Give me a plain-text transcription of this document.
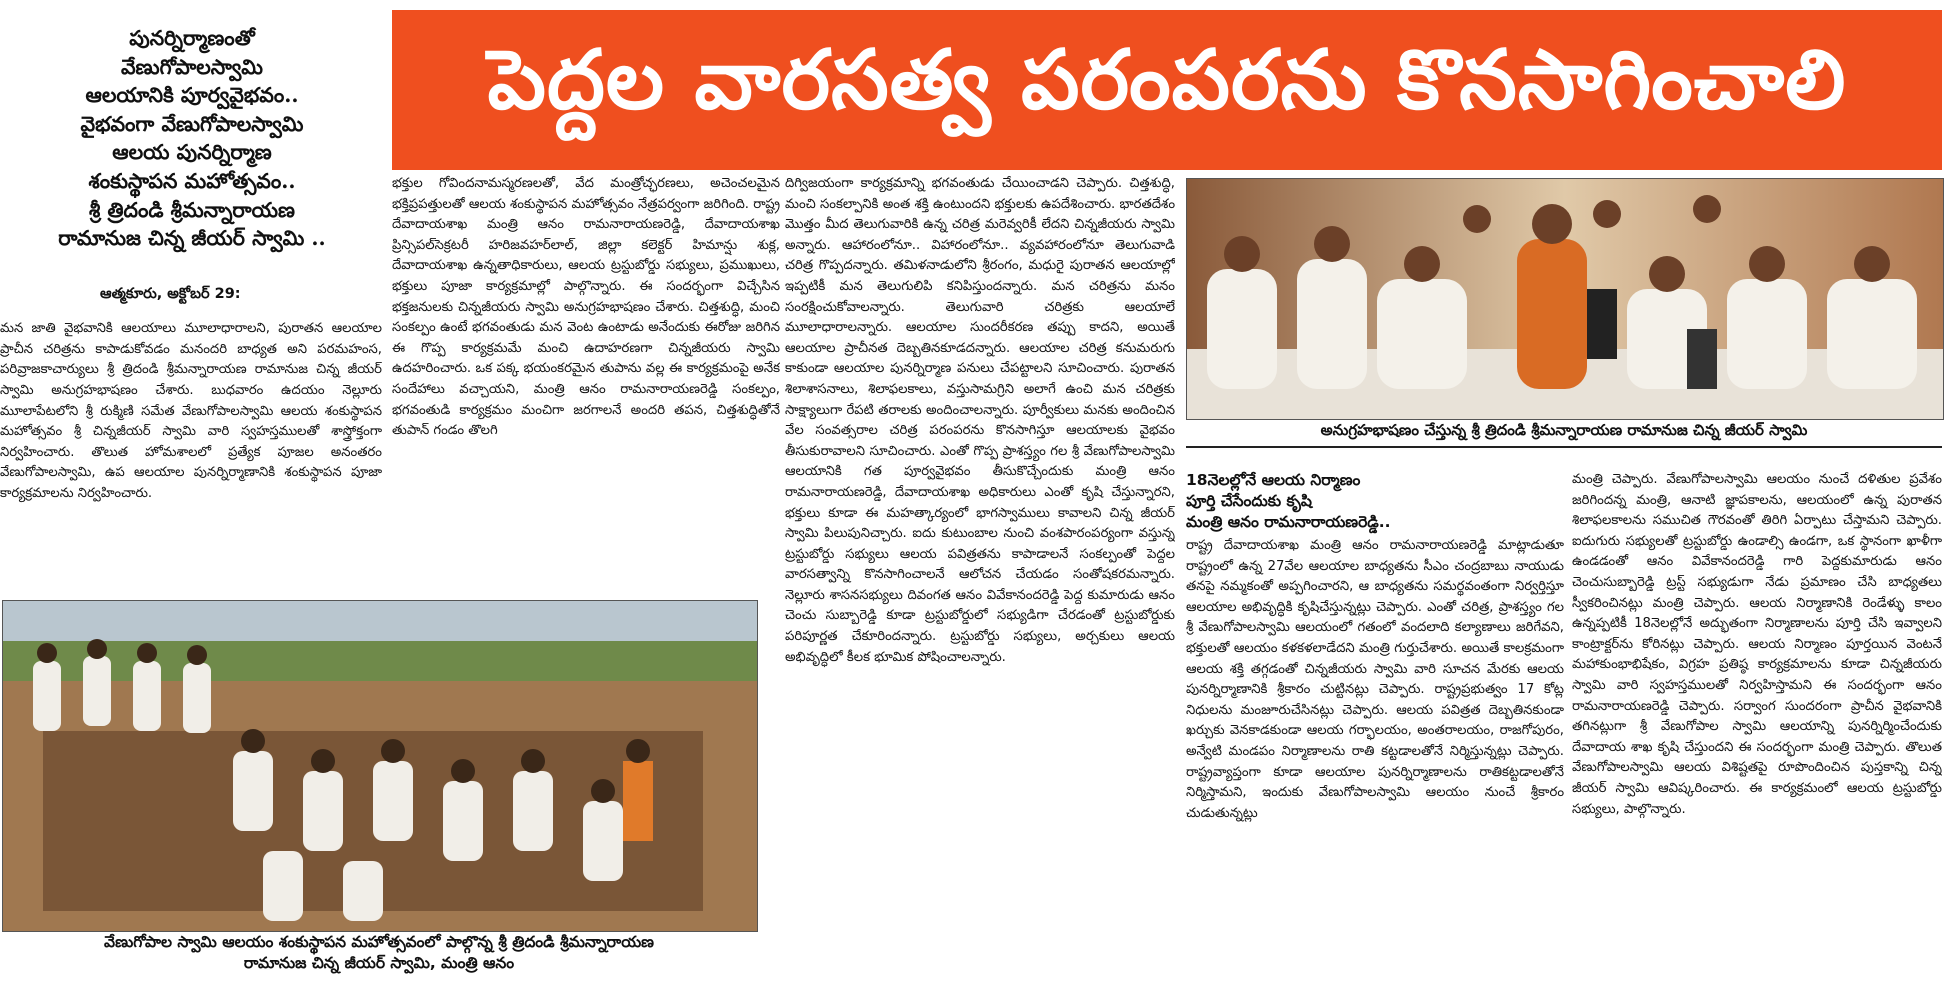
పునర్నిర్మాణంతో
వేణుగోపాలస్వామి
ఆలయానికి పూర్వవైభవం..
వైభవంగా వేణుగోపాలస్వామి
ఆలయ పునర్నిర్మాణ
శంకుస్థాపన మహోత్సవం..
శ్రీ త్రిదండి శ్రీమన్నారాయణ
రామానుజ చిన్న జీయర్ స్వామి ..
ఆత్మకూరు, అక్టోబర్ 29:

మన జాతి వైభవానికి ఆలయాలు మూలాధారాలని, పురాతన ఆలయాల ప్రాచీన చరిత్రను కాపాడుకోవడం మనందరి బాధ్యత అని పరమహంస, పరివ్రాజకాచార్యులు శ్రీ త్రిదండి శ్రీమన్నారాయణ రామానుజ చిన్న జీయర్ స్వామి అనుగ్రహభాషణం చేశారు. బుధవారం ఉదయం నెల్లూరు మూలాపేటలోని శ్రీ రుక్మిణి సమేత వేణుగోపాలస్వామి ఆలయ శంకుస్థాపన మహోత్సవం శ్రీ చిన్నజీయర్ స్వామి వారి స్వహస్తములతో శాస్త్రోక్తంగా నిర్వహించారు. తొలుత హోమశాలలో ప్రత్యేక పూజల అనంతరం వేణుగోపాలస్వామి, ఉప ఆలయాల పునర్నిర్మాణానికి శంకుస్థాపన పూజా కార్యక్రమాలను నిర్వహించారు.

పెద్దల వారసత్వ పరంపరను కొనసాగించాలి

భక్తుల గోవిందనామస్మరణలతో, వేద మంత్రోచ్ఛరణలు, అచెంచలమైన భక్తిప్రపత్తులతో ఆలయ శంకుస్థాపన మహోత్సవం నేత్రపర్వంగా జరిగింది. రాష్ట్ర దేవాదాయశాఖ మంత్రి ఆనం రామనారాయణరెడ్డి, దేవాదాయశాఖ ప్రిన్సిపల్‌సెక్రటరీ హరిజవహర్‌లాల్, జిల్లా కలెక్టర్ హిమాన్షు శుక్ల, దేవాదాయశాఖ ఉన్నతాధికారులు, ఆలయ ట్రస్టుబోర్డు సభ్యులు, ప్రముఖులు, భక్తులు పూజా కార్యక్రమాల్లో పాల్గొన్నారు. ఈ సందర్భంగా విచ్చేసిన భక్తజనులకు చిన్నజీయరు స్వామి అనుగ్రహభాషణం చేశారు. చిత్తశుద్ధి, మంచి సంకల్పం ఉంటే భగవంతుడు మన వెంట ఉంటాడు అనేందుకు ఈరోజు జరిగిన ఈ గొప్ప కార్యక్రమమే మంచి ఉదాహరణగా చిన్నజీయరు స్వామి ఉదహరించారు. ఒక పక్క భయంకరమైన తుపాను వల్ల ఈ కార్యక్రమంపై అనేక సందేహాలు వచ్చాయని, మంత్రి ఆనం రామనారాయణరెడ్డి సంకల్పం, భగవంతుడి కార్యక్రమం మంచిగా జరగాలనే అందరి తపన, చిత్తశుద్ధితోనే తుపాన్ గండం తొలగి

దిగ్విజయంగా కార్యక్రమాన్ని భగవంతుడు చేయించాడని చెప్పారు. చిత్తశుద్ధి, మంచి సంకల్పానికి అంత శక్తి ఉంటుందని భక్తులకు ఉపదేశించారు. భారతదేశం మొత్తం మీద తెలుగువారికి ఉన్న చరిత్ర మరెవ్వరికీ లేదని చిన్నజీయరు స్వామి అన్నారు. ఆహారంలోనూ.. విహారంలోనూ.. వ్యవహారంలోనూ తెలుగువాడి చరిత్ర గొప్పదన్నారు. తమిళనాడులోని శ్రీరంగం, మధురై పురాతన ఆలయాల్లో ఇప్పటికీ మన తెలుగులిపి కనిపిస్తుందన్నారు. మన చరిత్రను మనం సంరక్షించుకోవాలన్నారు. తెలుగువారి చరిత్రకు ఆలయాలే మూలాధారాలన్నారు. ఆలయాల సుందరీకరణ తప్పు కాదని, అయితే ఆలయాల ప్రాచీనత దెబ్బతినకూడదన్నారు. ఆలయాల చరిత్ర కనుమరుగు కాకుండా ఆలయాల పునర్నిర్మాణ పనులు చేపట్టాలని సూచించారు. పురాతన శిలాశాసనాలు, శిలాఫలకాలు, వస్తుసామగ్రిని అలాగే ఉంచి మన చరిత్రకు సాక్ష్యాలుగా రేపటి తరాలకు అందించాలన్నారు. పూర్వీకులు మనకు అందించిన వేల సంవత్సరాల చరిత్ర పరంపరను కొనసాగిస్తూ ఆలయాలకు వైభవం తీసుకురావాలని సూచించారు. ఎంతో గొప్ప ప్రాశస్త్యం గల శ్రీ వేణుగోపాలస్వామి ఆలయానికి గత పూర్వవైభవం తీసుకొచ్చేందుకు మంత్రి ఆనం రామనారాయణరెడ్డి, దేవాదాయశాఖ అధికారులు ఎంతో కృషి చేస్తున్నారని, భక్తులు కూడా ఈ మహత్కార్యంలో భాగస్వాములు కావాలని చిన్న జీయర్ స్వామి పిలుపునిచ్చారు. ఐదు కుటుంబాల నుంచి వంశపారంపర్యంగా వస్తున్న ట్రస్టుబోర్డు సభ్యులు ఆలయ పవిత్రతను కాపాడాలనే సంకల్పంతో పెద్దల వారసత్వాన్ని కొనసాగించాలనే ఆలోచన చేయడం సంతోషకరమన్నారు. నెల్లూరు శాసనసభ్యులు దివంగత ఆనం వివేకానందరెడ్డి పెద్ద కుమారుడు ఆనం చెంచు సుబ్బారెడ్డి కూడా ట్రస్టుబోర్డులో సభ్యుడిగా చేరడంతో ట్రస్టుబోర్డుకు పరిపూర్ణత చేకూరిందన్నారు. ట్రస్టుబోర్డు సభ్యులు, అర్చకులు ఆలయ అభివృద్ధిలో కీలక భూమిక పోషించాలన్నారు.

అనుగ్రహభాషణం చేస్తున్న శ్రీ త్రిదండి శ్రీమన్నారాయణ రామానుజ చిన్న జీయర్ స్వామి
18నెలల్లోనే ఆలయ నిర్మాణం
పూర్తి చేసేందుకు కృషి
మంత్రి ఆనం రామనారాయణరెడ్డి..

రాష్ట్ర దేవాదాయశాఖ మంత్రి ఆనం రామనారాయణరెడ్డి మాట్లాడుతూ రాష్ట్రంలో ఉన్న 27వేల ఆలయాల బాధ్యతను సీఎం చంద్రబాబు నాయుడు తనపై నమ్మకంతో అప్పగించారని, ఆ బాధ్యతను సమర్థవంతంగా నిర్వర్తిస్తూ ఆలయాల అభివృద్ధికి కృషిచేస్తున్నట్లు చెప్పారు. ఎంతో చరిత్ర, ప్రాశస్త్యం గల శ్రీ వేణుగోపాలస్వామి ఆలయంలో గతంలో వందలాది కల్యాణాలు జరిగేవని, భక్తులతో ఆలయం కళకళలాడేదని మంత్రి గుర్తుచేశారు. అయితే కాలక్రమంగా ఆలయ శక్తి తగ్గడంతో చిన్నజీయరు స్వామి వారి సూచన మేరకు ఆలయ పునర్నిర్మాణానికి శ్రీకారం చుట్టినట్లు చెప్పారు. రాష్ట్రప్రభుత్వం 17 కోట్ల నిధులను మంజూరుచేసినట్లు చెప్పారు. ఆలయ పవిత్రత దెబ్బతినకుండా ఖర్చుకు వెనకాడకుండా ఆలయ గర్భాలయం, అంతరాలయం, రాజగోపురం, అన్వేటి మండపం నిర్మాణాలను రాతి కట్టడాలతోనే నిర్మిస్తున్నట్లు చెప్పారు. రాష్ట్రవ్యాప్తంగా కూడా ఆలయాల పునర్నిర్మాణాలను రాతికట్టడాలతోనే నిర్మిస్తామని, ఇందుకు వేణుగోపాలస్వామి ఆలయం నుంచే శ్రీకారం చుడుతున్నట్లు

మంత్రి చెప్పారు. వేణుగోపాలస్వామి ఆలయం నుంచే దళితుల ప్రవేశం జరిగిందన్న మంత్రి, ఆనాటి జ్ఞాపకాలను, ఆలయంలో ఉన్న పురాతన శిలాఫలకాలను సముచిత గౌరవంతో తిరిగి ఏర్పాటు చేస్తామని చెప్పారు. ఐదుగురు సభ్యులతో ట్రస్టుబోర్డు ఉండాల్సి ఉండగా, ఒక స్థానంగా ఖాళీగా ఉండడంతో ఆనం వివేకానందరెడ్డి గారి పెద్దకుమారుడు ఆనం చెంచుసుబ్బారెడ్డి ట్రస్ట్ సభ్యుడుగా నేడు ప్రమాణం చేసి బాధ్యతలు స్వీకరించినట్లు మంత్రి చెప్పారు. ఆలయ నిర్మాణానికి రెండేళ్ళు కాలం ఉన్నప్పటికీ 18నెలల్లోనే అద్భుతంగా నిర్మాణాలను పూర్తి చేసి ఇవ్వాలని కాంట్రాక్టర్‌ను కోరినట్లు చెప్పారు. ఆలయ నిర్మాణం పూర్తయిన వెంటనే మహాకుంభాభిషేకం, విగ్రహ ప్రతిష్ఠ కార్యక్రమాలను కూడా చిన్నజీయరు స్వామి వారి స్వహస్తములతో నిర్వహిస్తామని ఈ సందర్భంగా ఆనం రామనారాయణరెడ్డి చెప్పారు. సర్వాంగ సుందరంగా ప్రాచీన వైభవానికి తగినట్లుగా శ్రీ వేణుగోపాల స్వామి ఆలయాన్ని పునర్నిర్మించేందుకు దేవాదాయ శాఖ కృషి చేస్తుందని ఈ సందర్భంగా మంత్రి చెప్పారు. తొలుత వేణుగోపాలస్వామి ఆలయ విశిష్టతపై రూపొందించిన పుస్తకాన్ని చిన్న జీయర్ స్వామి ఆవిష్కరించారు. ఈ కార్యక్రమంలో ఆలయ ట్రస్టుబోర్డు సభ్యులు, పాల్గొన్నారు.

వేణుగోపాల స్వామి ఆలయం శంకుస్థాపన మహోత్సవంలో పాల్గొన్న శ్రీ త్రిదండి శ్రీమన్నారాయణ
రామానుజ చిన్న జీయర్ స్వామి, మంత్రి ఆనం
